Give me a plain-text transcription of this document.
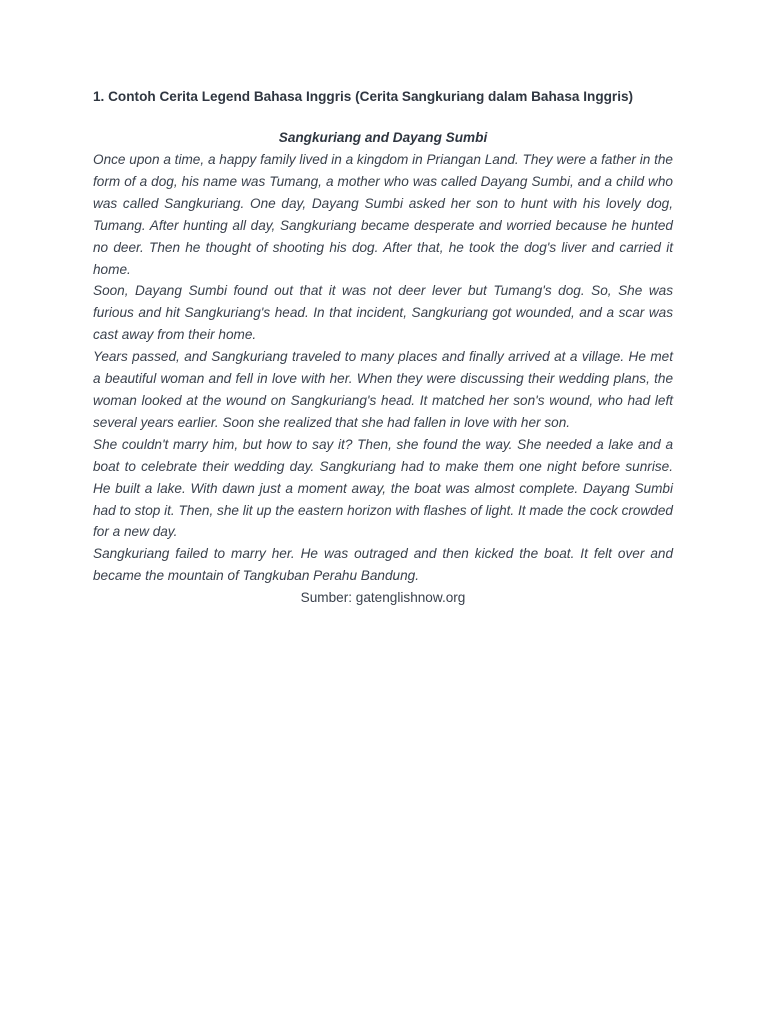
1. Contoh Cerita Legend Bahasa Inggris (Cerita Sangkuriang dalam Bahasa Inggris)
Sangkuriang and Dayang Sumbi

Once upon a time, a happy family lived in a kingdom in Priangan Land. They were a father in the form of a dog, his name was Tumang, a mother who was called Dayang Sumbi, and a child who was called Sangkuriang. One day, Dayang Sumbi asked her son to hunt with his lovely dog, Tumang. After hunting all day, Sangkuriang became desperate and worried because he hunted no deer. Then he thought of shooting his dog. After that, he took the dog's liver and carried it home.

Soon, Dayang Sumbi found out that it was not deer lever but Tumang's dog. So, She was furious and hit Sangkuriang's head. In that incident, Sangkuriang got wounded, and a scar was cast away from their home.

Years passed, and Sangkuriang traveled to many places and finally arrived at a village. He met a beautiful woman and fell in love with her. When they were discussing their wedding plans, the woman looked at the wound on Sangkuriang's head. It matched her son's wound, who had left several years earlier. Soon she realized that she had fallen in love with her son.

She couldn't marry him, but how to say it? Then, she found the way. She needed a lake and a boat to celebrate their wedding day. Sangkuriang had to make them one night before sunrise. He built a lake. With dawn just a moment away, the boat was almost complete. Dayang Sumbi had to stop it. Then, she lit up the eastern horizon with flashes of light. It made the cock crowded for a new day.

Sangkuriang failed to marry her. He was outraged and then kicked the boat. It felt over and became the mountain of Tangkuban Perahu Bandung.

Sumber: gatenglishnow.org
